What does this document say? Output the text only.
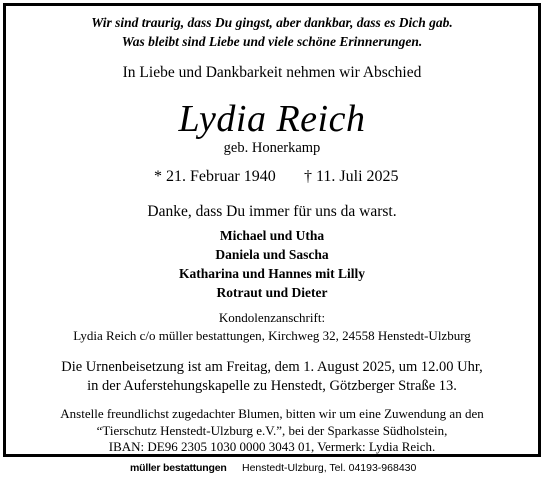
Wir sind traurig, dass Du gingst, aber dankbar, dass es Dich gab.
Was bleibt sind Liebe und viele schöne Erinnerungen.
In Liebe und Dankbarkeit nehmen wir Abschied
Lydia Reich
geb. Honerkamp
* 21. Februar 1940 † 11. Juli 2025
Danke, dass Du immer für uns da warst.
Michael und Utha
Daniela und Sascha
Katharina und Hannes mit Lilly
Rotraut und Dieter
Kondolenzanschrift:
Lydia Reich c/o müller bestattungen, Kirchweg 32, 24558 Henstedt-Ulzburg
Die Urnenbeisetzung ist am Freitag, dem 1. August 2025, um 12.00 Uhr,
in der Auferstehungskapelle zu Henstedt, Götzberger Straße 13.
Anstelle freundlichst zugedachter Blumen, bitten wir um eine Zuwendung an den
“Tierschutz Henstedt-Ulzburg e.V.”, bei der Sparkasse Südholstein,
IBAN: DE96 2305 1030 0000 3043 01, Vermerk: Lydia Reich.
müller bestattungen Henstedt-Ulzburg, Tel. 04193-968430
